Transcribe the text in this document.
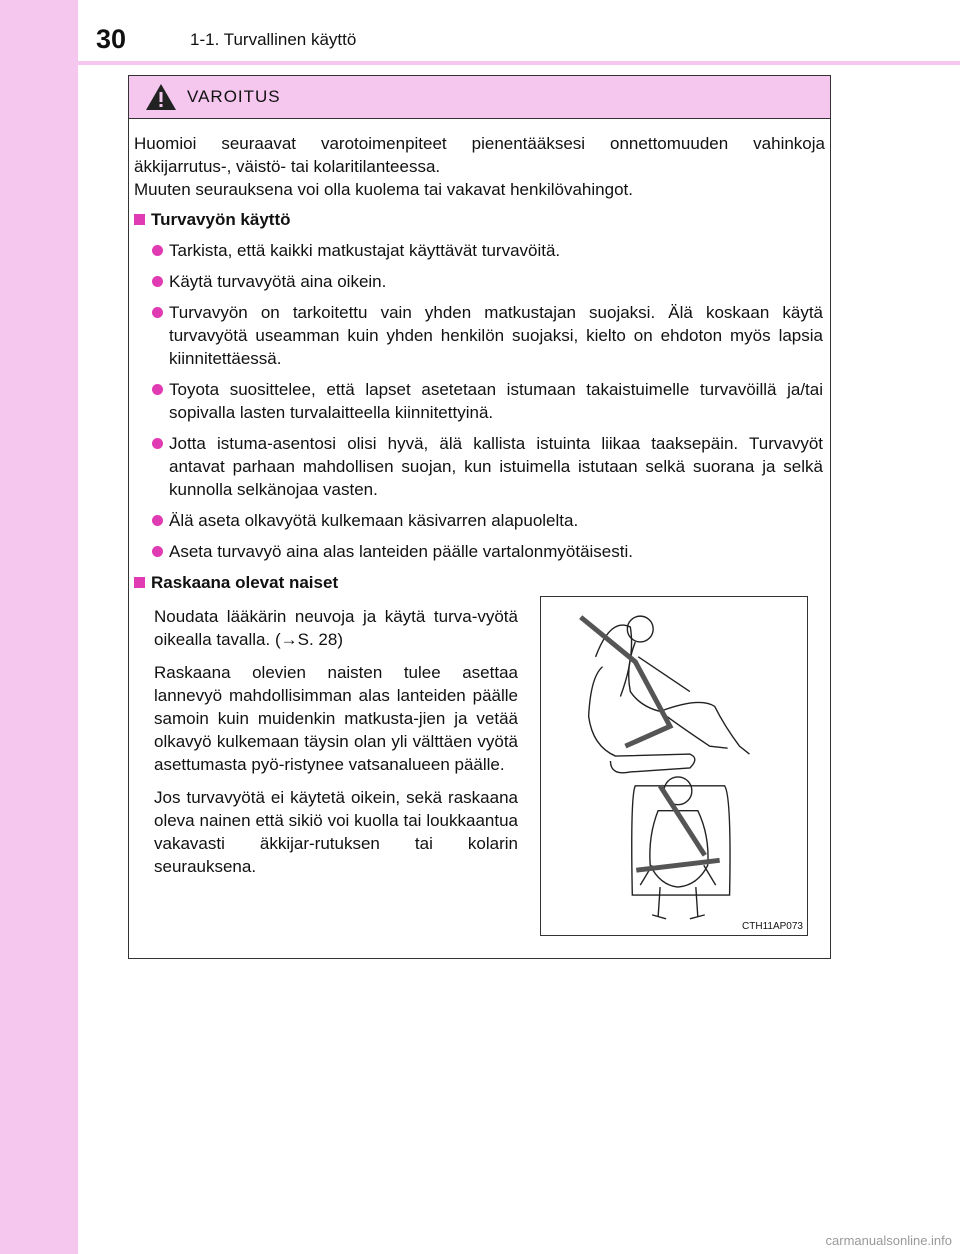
30	1-1. Turvallinen käyttö
VAROITUS

Huomioi seuraavat varotoimenpiteet pienentääksesi onnettomuuden vahinkoja äkkijarrutus-, väistö- tai kolaritilanteessa.
Muuten seurauksena voi olla kuolema tai vakavat henkilövahingot.

Turvavyön käyttö
Tarkista, että kaikki matkustajat käyttävät turvavöitä.
Käytä turvavyötä aina oikein.
Turvavyön on tarkoitettu vain yhden matkustajan suojaksi. Älä koskaan käytä turvavyötä useamman kuin yhden henkilön suojaksi, kielto on ehdoton myös lapsia kiinnitettäessä.
Toyota suosittelee, että lapset asetetaan istumaan takaistuimelle turvavöillä ja/tai sopivalla lasten turvalaitteella kiinnitettyinä.
Jotta istuma-asentosi olisi hyvä, älä kallista istuinta liikaa taaksepäin. Turvavyöt antavat parhaan mahdollisen suojan, kun istuimella istutaan selkä suorana ja selkä kunnolla selkänojaa vasten.
Älä aseta olkavyötä kulkemaan käsivarren alapuolelta.
Aseta turvavyö aina alas lanteiden päälle vartalonmyötäisesti.
Raskaana olevat naiset

Noudata lääkärin neuvoja ja käytä turva-vyötä oikealla tavalla. (→S. 28)

Raskaana olevien naisten tulee asettaa lannevyö mahdollisimman alas lanteiden päälle samoin kuin muidenkin matkusta-jien ja vetää olkavyö kulkemaan täysin olan yli välttäen vyötä asettumasta pyö-ristynee vatsanalueen päälle.

Jos turvavyötä ei käytetä oikein, sekä raskaana oleva nainen että sikiö voi kuolla tai loukkaantua vakavasti äkkijar-rutuksen tai kolarin seurauksena.

CTH11AP073
carmanualsonline.info
